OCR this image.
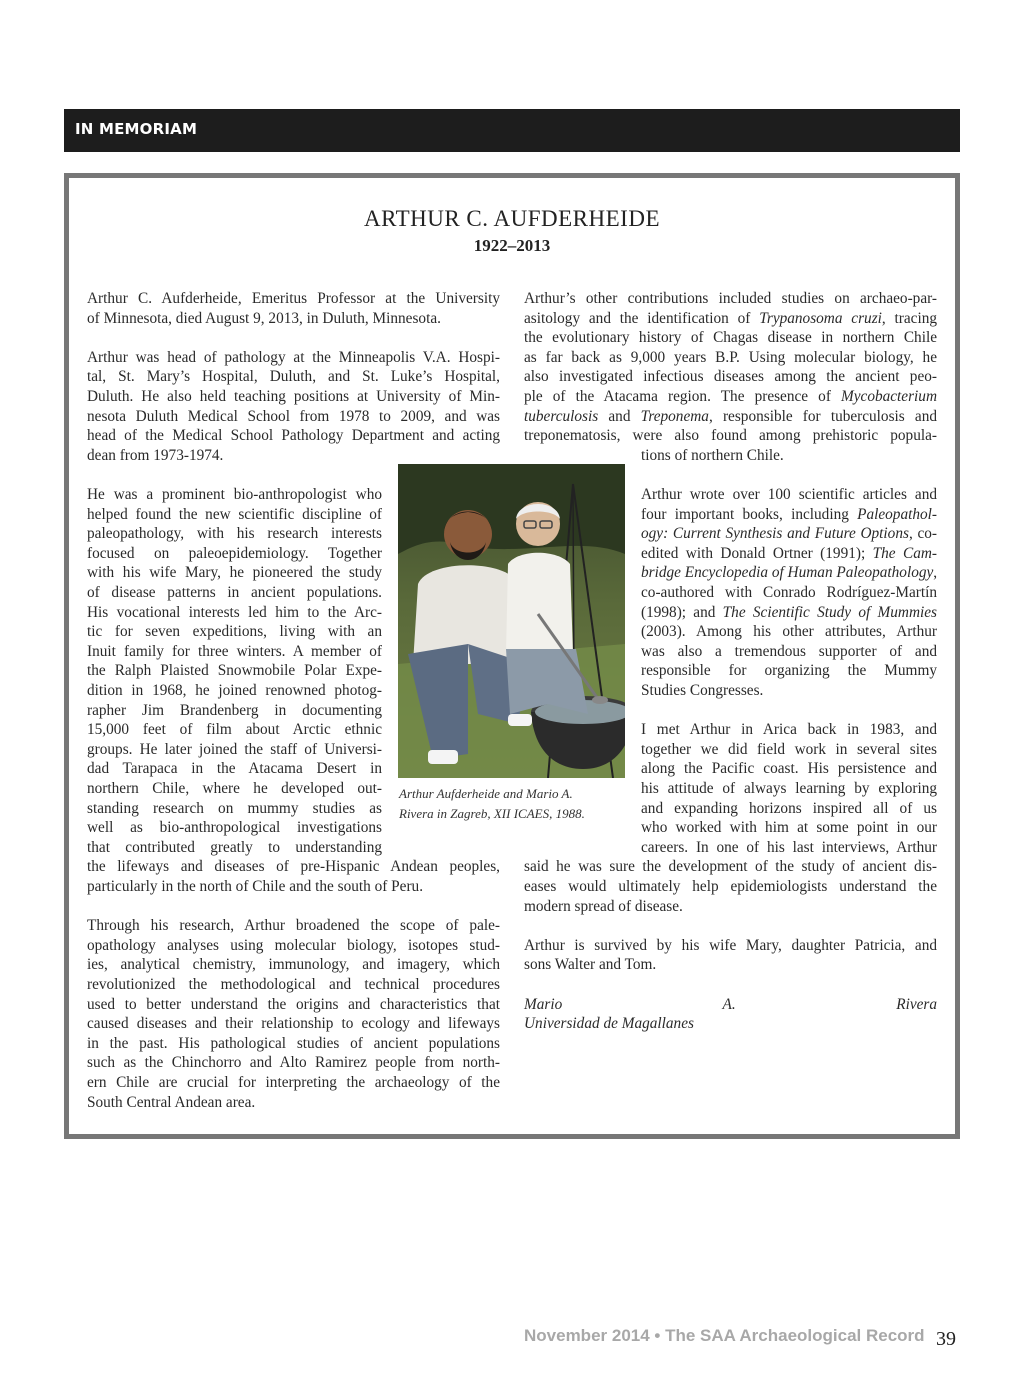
IN MEMORIAM
ARTHUR C. AUFDERHEIDE
1922–2013
Arthur C. Aufderheide, Emeritus Professor at the University
of Minnesota, died August 9, 2013, in Duluth, Minnesota.
Arthur was head of pathology at the Minneapolis V.A. Hospi-
tal, St. Mary’s Hospital, Duluth, and St. Luke’s Hospital,
Duluth. He also held teaching positions at University of Min-
nesota Duluth Medical School from 1978 to 2009, and was
head of the Medical School Pathology Department and acting
dean from 1973-1974.
He was a prominent bio-anthropologist who
helped found the new scientific discipline of
paleopathology, with his research interests
focused on paleoepidemiology. Together
with his wife Mary, he pioneered the study
of disease patterns in ancient populations.
His vocational interests led him to the Arc-
tic for seven expeditions, living with an
Inuit family for three winters. A member of
the Ralph Plaisted Snowmobile Polar Expe-
dition in 1968, he joined renowned photog-
rapher Jim Brandenberg in documenting
15,000 feet of film about Arctic ethnic
groups. He later joined the staff of Universi-
dad Tarapaca in the Atacama Desert in
northern Chile, where he developed out-
standing research on mummy studies as
well as bio-anthropological investigations
that contributed greatly to understanding
the lifeways and diseases of pre-Hispanic Andean peoples,
particularly in the north of Chile and the south of Peru.
Through his research, Arthur broadened the scope of pale-
opathology analyses using molecular biology, isotopes stud-
ies, analytical chemistry, immunology, and imagery, which
revolutionized the methodological and technical procedures
used to better understand the origins and characteristics that
caused diseases and their relationship to ecology and lifeways
in the past. His pathological studies of ancient populations
such as the Chinchorro and Alto Ramirez people from north-
ern Chile are crucial for interpreting the archaeology of the
South Central Andean area.
Arthur’s other contributions included studies on archaeo-par-
asitology and the identification of Trypanosoma cruzi, tracing
the evolutionary history of Chagas disease in northern Chile
as far back as 9,000 years B.P. Using molecular biology, he
also investigated infectious diseases among the ancient peo-
ple of the Atacama region. The presence of Mycobacterium
tuberculosis and Treponema, responsible for tuberculosis and
treponematosis, were also found among prehistoric popula-
tions of northern Chile.
Arthur wrote over 100 scientific articles and
four important books, including Paleopathol-
ogy: Current Synthesis and Future Options, co-
edited with Donald Ortner (1991); The Cam-
bridge Encyclopedia of Human Paleopathology,
co-authored with Conrado Rodríguez-Martín
(1998); and The Scientific Study of Mummies
(2003). Among his other attributes, Arthur
was also a tremendous supporter of and
responsible for organizing the Mummy
Studies Congresses.
I met Arthur in Arica back in 1983, and
together we did field work in several sites
along the Pacific coast. His persistence and
his attitude of always learning by exploring
and expanding horizons inspired all of us
who worked with him at some point in our
careers. In one of his last interviews, Arthur
said he was sure the development of the study of ancient dis-
eases would ultimately help epidemiologists understand the
modern spread of disease.
Arthur is survived by his wife Mary, daughter Patricia, and
sons Walter and Tom.
Mario A. Rivera
Universidad de Magallanes
Arthur Aufderheide and Mario A.
Rivera in Zagreb, XII ICAES, 1988.
November 2014 • The SAA Archaeological Record 39
